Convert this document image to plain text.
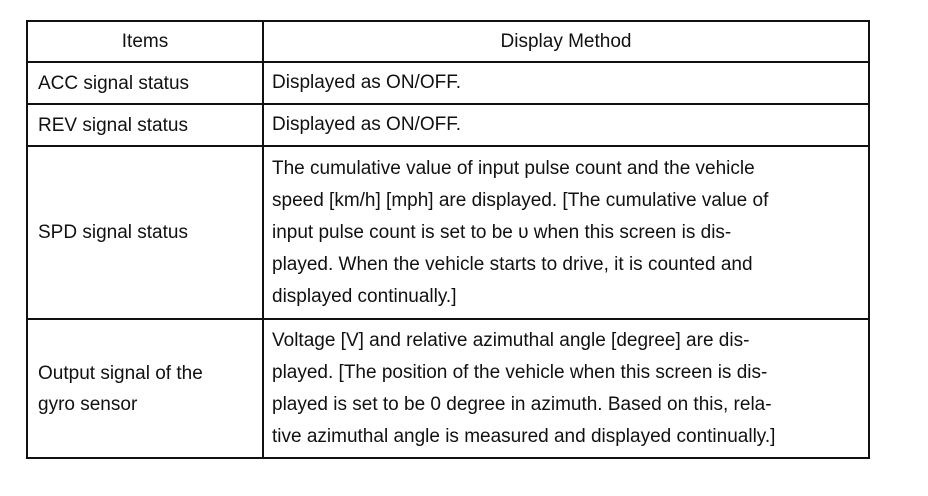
Items	Display Method

ACC signal status	Displayed as ON/OFF.

REV signal status	Displayed as ON/OFF.

SPD signal status	The cumulative value of input pulse count and the vehicle
speed [km/h] [mph] are displayed. [The cumulative value of
input pulse count is set to be υ when this screen is dis-
played. When the vehicle starts to drive, it is counted and
displayed continually.]

Output signal of the
gyro sensor	Voltage [V] and relative azimuthal angle [degree] are dis-
played. [The position of the vehicle when this screen is dis-
played is set to be 0 degree in azimuth. Based on this, rela-
tive azimuthal angle is measured and displayed continually.]
